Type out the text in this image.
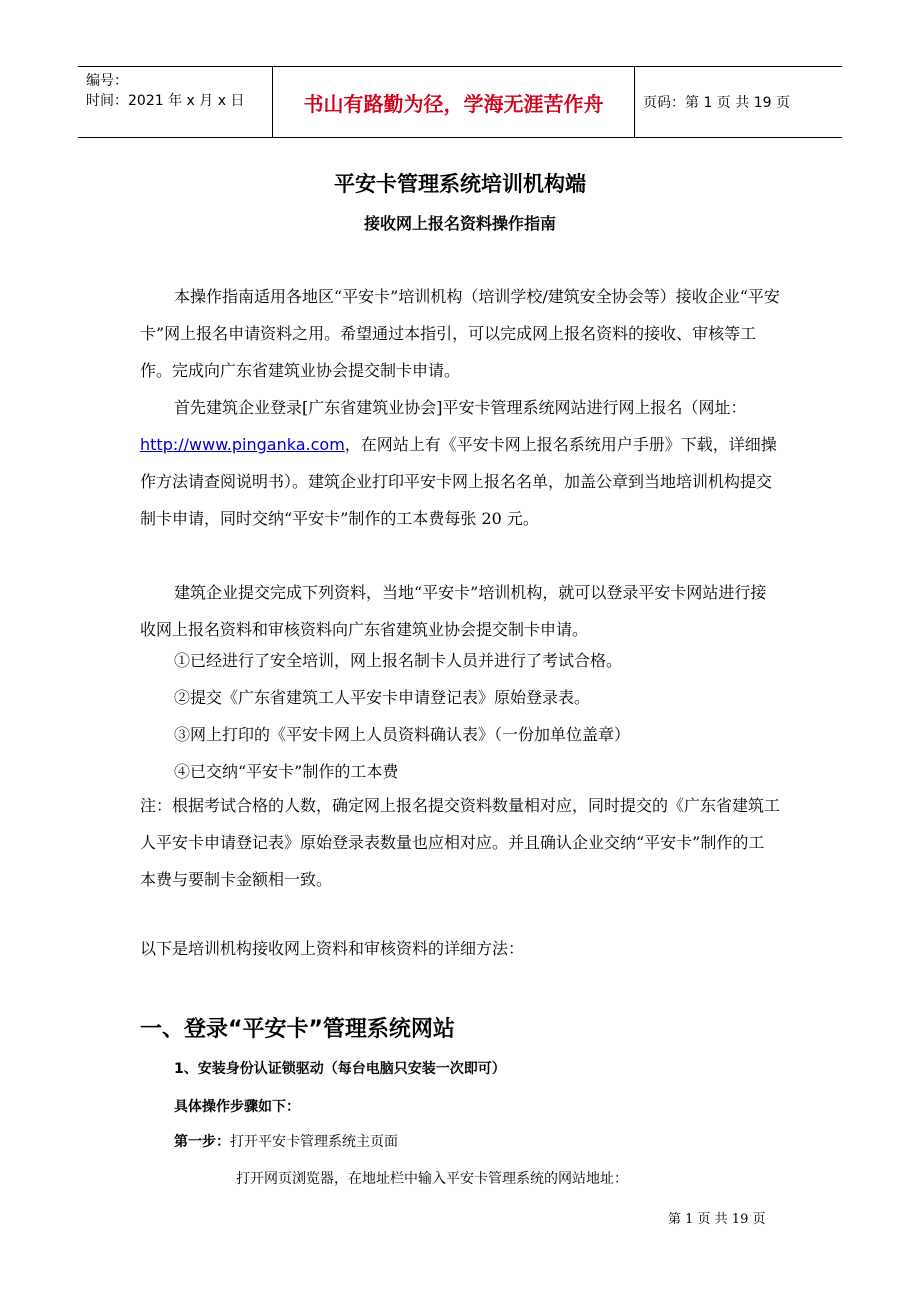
编号：
时间：2021 年 x 月 x 日	书山有路勤为径，学海无涯苦作舟	页码：第 1 页 共 19 页
平安卡管理系统培训机构端
接收网上报名资料操作指南
本操作指南适用各地区“平安卡”培训机构（培训学校/建筑安全协会等）接收企业“平安卡”网上报名申请资料之用。希望通过本指引，可以完成网上报名资料的接收、审核等工作。完成向广东省建筑业协会提交制卡申请。
首先建筑企业登录[广东省建筑业协会]平安卡管理系统网站进行网上报名（网址：http://www.pinganka.com，在网站上有《平安卡网上报名系统用户手册》下载，详细操作方法请查阅说明书）。建筑企业打印平安卡网上报名名单，加盖公章到当地培训机构提交制卡申请，同时交纳“平安卡”制作的工本费每张 20 元。
建筑企业提交完成下列资料，当地“平安卡”培训机构，就可以登录平安卡网站进行接收网上报名资料和审核资料向广东省建筑业协会提交制卡申请。
①已经进行了安全培训，网上报名制卡人员并进行了考试合格。
②提交《广东省建筑工人平安卡申请登记表》原始登录表。
③网上打印的《平安卡网上人员资料确认表》（一份加单位盖章）
④已交纳“平安卡”制作的工本费
注：根据考试合格的人数，确定网上报名提交资料数量相对应，同时提交的《广东省建筑工人平安卡申请登记表》原始登录表数量也应相对应。并且确认企业交纳“平安卡”制作的工本费与要制卡金额相一致。
以下是培训机构接收网上资料和审核资料的详细方法：
一、登录“平安卡”管理系统网站
1、安装身份认证锁驱动（每台电脑只安装一次即可）
具体操作步骤如下：
第一步：打开平安卡管理系统主页面
打开网页浏览器，在地址栏中输入平安卡管理系统的网站地址：
第 1 页 共 19 页
